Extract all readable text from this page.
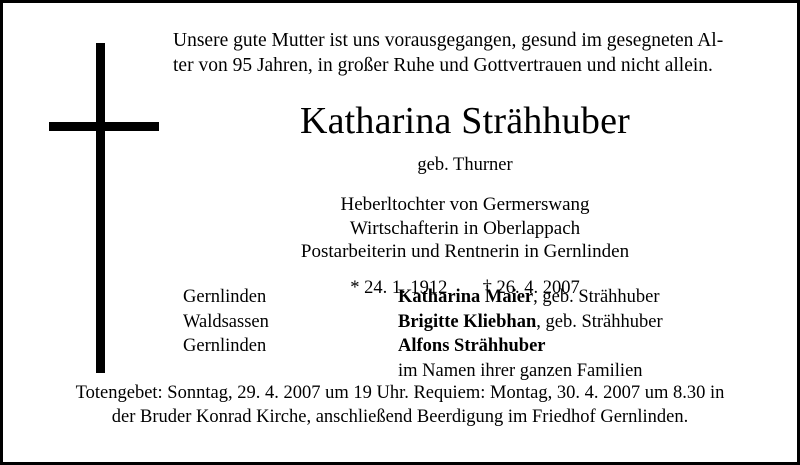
Unsere gute Mutter ist uns vorausgegangen, gesund im gesegneten Al-
ter von 95 Jahren, in großer Ruhe und Gottvertrauen und nicht allein.
Katharina Strähhuber
geb. Thurner
Heberltochter von Germerswang
Wirtschafterin in Oberlappach
Postarbeiterin und Rentnerin in Gernlinden
* 24. 1. 1912 † 26. 4. 2007
Gernlinden	Katharina Maier, geb. Strähhuber
Waldsassen	Brigitte Kliebhan, geb. Strähhuber
Gernlinden	Alfons Strähhuber
	im Namen ihrer ganzen Familien
Totengebet: Sonntag, 29. 4. 2007 um 19 Uhr. Requiem: Montag, 30. 4. 2007 um 8.30 in
der Bruder Konrad Kirche, anschließend Beerdigung im Friedhof Gernlinden.
